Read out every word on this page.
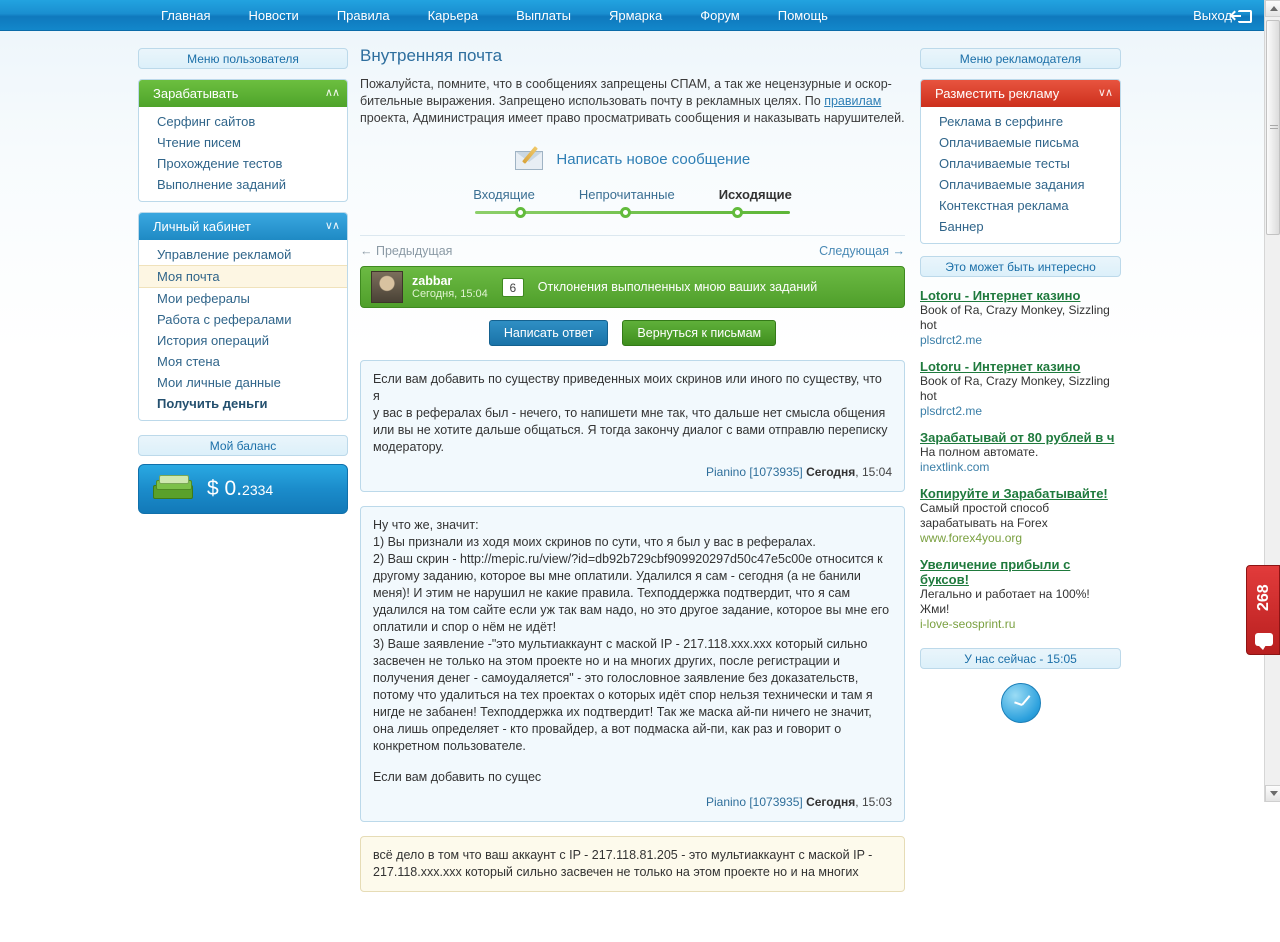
Главная	Новости	Правила	Карьера	Выплаты	Ярмарка	Форум	Помощь	Выход
Меню пользователя
Зарабатывать	∧∧
Серфинг сайтов
Чтение писем
Прохождение тестов
Выполнение заданий
Личный кабинет	∨∧
Управление рекламой
Моя почта
Мои рефералы
Работа с рефералами
История операций
Моя стена
Мои личные данные
Получить деньги
Мой баланс
$ 0.2334
Внутренняя почта
Пожалуйста, помните, что в сообщениях запрещены СПАМ, а так же нецензурные и оскор-
бительные выражения. Запрещено использовать почту в рекламных целях. По правилам
проекта, Администрация имеет право просматривать сообщения и наказывать нарушителей.
Написать новое сообщение
Входящие	Непрочитанные	Исходящие
← Предыдущая	Следующая →
zabbar
Сегодня, 15:04	6	Отклонения выполненных мною ваших заданий
Написать ответ	Вернуться к письмам

Если вам добавить по существу приведенных моих скринов или иного по существу, что я

у вас в рефералах был - нечего, то напишети мне так, что дальше нет смысла общения

или вы не хотите дальше общаться. Я тогда закончу диалог с вами отправлю переписку

модератору.

Pianino [1073935] Сегодня, 15:04

Ну что же, значит:

1) Вы признали из ходя моих скринов по сути, что я был у вас в рефералах.

2) Ваш скрин - http://mepic.ru/view/?id=db92b729cbf909920297d50c47e5c00e относится к

другому заданию, которое вы мне оплатили. Удалился я сам - сегодня (а не банили

меня)! И этим не нарушил не какие правила. Техподдержка подтвердит, что я сам

удалился на том сайте если уж так вам надо, но это другое задание, которое вы мне его

оплатили и спор о нём не идёт!

3) Ваше заявление -"это мультиаккаунт с маской IP - 217.118.xxx.xxx который сильно

засвечен не только на этом проекте но и на многих других, после регистрации и

получения денег - самоудаляется" - это голословное заявление без доказательств,

потому что удалиться на тех проектах о которых идёт спор нельзя технически и там я

нигде не забанен! Техподдержка их подтвердит! Так же маска ай-пи ничего не значит,

она лишь определяет - кто провайдер, а вот подмаска ай-пи, как раз и говорит о

конкретном пользователе.

Если вам добавить по сущес

Pianino [1073935] Сегодня, 15:03

всё дело в том что ваш аккаунт с IP - 217.118.81.205 - это мультиаккаунт с маской IP -

217.118.xxx.xxx который сильно засвечен не только на этом проекте но и на многих

Меню рекламодателя
Разместить рекламу	∨∧
Реклама в серфинге
Оплачиваемые письма
Оплачиваемые тесты
Оплачиваемые задания
Контекстная реклама
Баннер
Это может быть интересно
Lotoru - Интернет казино
Book of Ra, Crazy Monkey, Sizzling hot
plsdrct2.me
Lotoru - Интернет казино
Book of Ra, Crazy Monkey, Sizzling hot
plsdrct2.me
Зарабатывай от 80 рублей в ч
На полном автомате.
inextlink.com
Копируйте и Зарабатывайте!
Самый простой способ зарабатывать на Forex
www.forex4you.org
Увеличение прибыли с буксов!
Легально и работает на 100%! Жми!
i-love-seosprint.ru
У нас сейчас - 15:05
268
